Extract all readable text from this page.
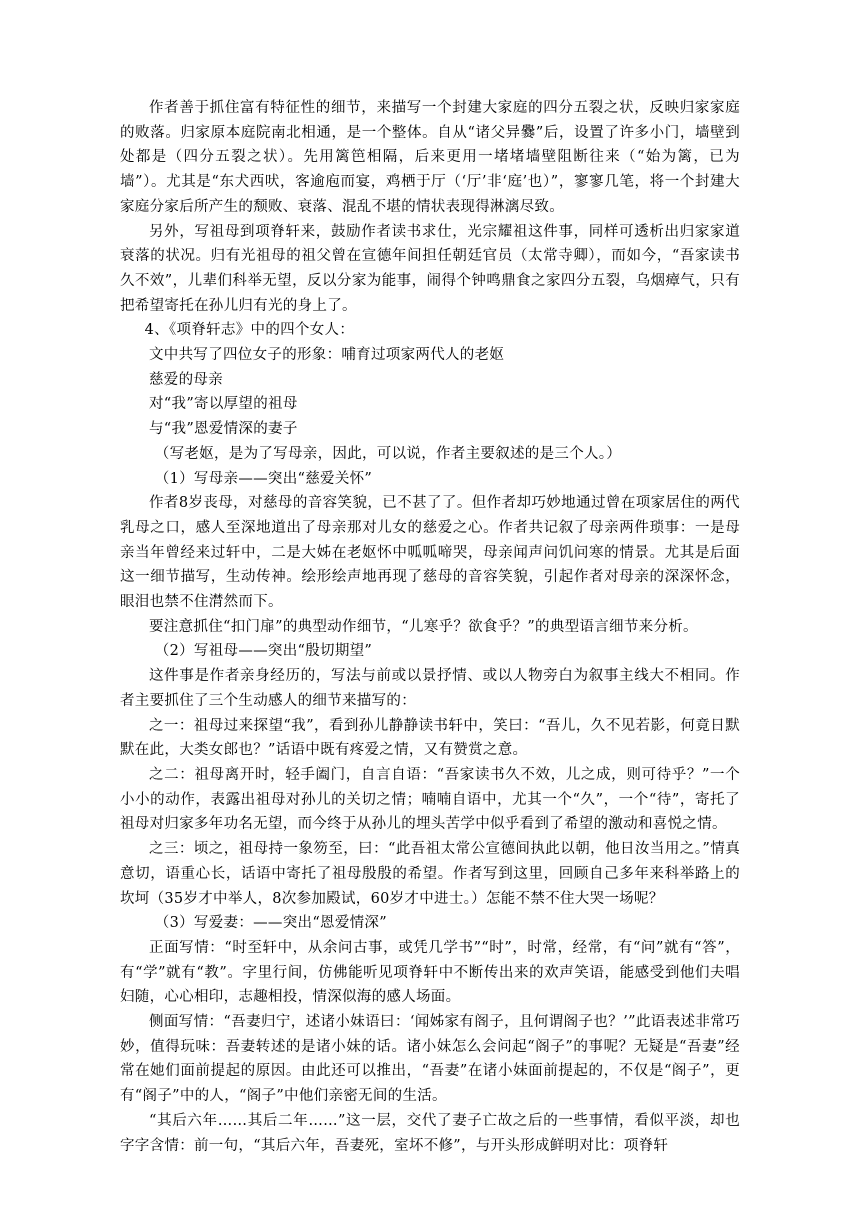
作者善于抓住富有特征性的细节，来描写一个封建大家庭的四分五裂之状，反映归家家庭的败落。归家原本庭院南北相通，是一个整体。自从“诸父异爨”后，设置了许多小门，墙壁到处都是（四分五裂之状）。先用篱笆相隔，后来更用一堵堵墙壁阻断往来（“始为篱，已为墙”）。尤其是“东犬西吠，客逾庖而宴，鸡栖于厅（‘厅’非‘庭’也）”，寥寥几笔，将一个封建大家庭分家后所产生的颓败、衰落、混乱不堪的情状表现得淋漓尽致。

另外，写祖母到项脊轩来，鼓励作者读书求仕，光宗耀祖这件事，同样可透析出归家家道衰落的状况。归有光祖母的祖父曾在宣德年间担任朝廷官员（太常寺卿），而如今，“吾家读书久不效”，儿辈们科举无望，反以分家为能事，闹得个钟鸣鼎食之家四分五裂，乌烟瘴气，只有把希望寄托在孙儿归有光的身上了。

4、《项脊轩志》中的四个女人：

文中共写了四位女子的形象：哺育过项家两代人的老妪

慈爱的母亲

对“我”寄以厚望的祖母

与“我”恩爱情深的妻子

（写老妪，是为了写母亲，因此，可以说，作者主要叙述的是三个人。）

（1）写母亲——突出“慈爱关怀”

作者8岁丧母，对慈母的音容笑貌，已不甚了了。但作者却巧妙地通过曾在项家居住的两代乳母之口，感人至深地道出了母亲那对儿女的慈爱之心。作者共记叙了母亲两件琐事：一是母亲当年曾经来过轩中，二是大姊在老妪怀中呱呱啼哭，母亲闻声问饥问寒的情景。尤其是后面这一细节描写，生动传神。绘形绘声地再现了慈母的音容笑貌，引起作者对母亲的深深怀念，眼泪也禁不住潸然而下。

要注意抓住“扣门扉”的典型动作细节，“儿寒乎？欲食乎？”的典型语言细节来分析。

（2）写祖母——突出“殷切期望”

这件事是作者亲身经历的，写法与前或以景抒情、或以人物旁白为叙事主线大不相同。作者主要抓住了三个生动感人的细节来描写的：

之一：祖母过来探望“我”，看到孙儿静静读书轩中，笑曰：“吾儿，久不见若影，何竟日默默在此，大类女郎也？”话语中既有疼爱之情，又有赞赏之意。

之二：祖母离开时，轻手阖门，自言自语：“吾家读书久不效，儿之成，则可待乎？”一个小小的动作，表露出祖母对孙儿的关切之情；喃喃自语中，尤其一个“久”，一个“待”，寄托了祖母对归家多年功名无望，而今终于从孙儿的埋头苦学中似乎看到了希望的激动和喜悦之情。

之三：顷之，祖母持一象笏至，曰：“此吾祖太常公宣德间执此以朝，他日汝当用之。”情真意切，语重心长，话语中寄托了祖母殷殷的希望。作者写到这里，回顾自己多年来科举路上的坎坷（35岁才中举人，8次参加殿试，60岁才中进士。）怎能不禁不住大哭一场呢？

（3）写爱妻：——突出“恩爱情深”

正面写情：“时至轩中，从余问古事，或凭几学书”“时”，时常，经常，有“问”就有“答”，有“学”就有“教”。字里行间，仿佛能听见项脊轩中不断传出来的欢声笑语，能感受到他们夫唱妇随，心心相印，志趣相投，情深似海的感人场面。

侧面写情：“吾妻归宁，述诸小妹语曰：‘闻姊家有阁子，且何谓阁子也？’”此语表述非常巧妙，值得玩味：吾妻转述的是诸小妹的话。诸小妹怎么会问起“阁子”的事呢？无疑是“吾妻”经常在她们面前提起的原因。由此还可以推出，“吾妻”在诸小妹面前提起的，不仅是“阁子”，更有“阁子”中的人，“阁子”中他们亲密无间的生活。

“其后六年……其后二年……”这一层，交代了妻子亡故之后的一些事情，看似平淡，却也字字含情：前一句，“其后六年，吾妻死，室坏不修”，与开头形成鲜明对比：项脊轩
